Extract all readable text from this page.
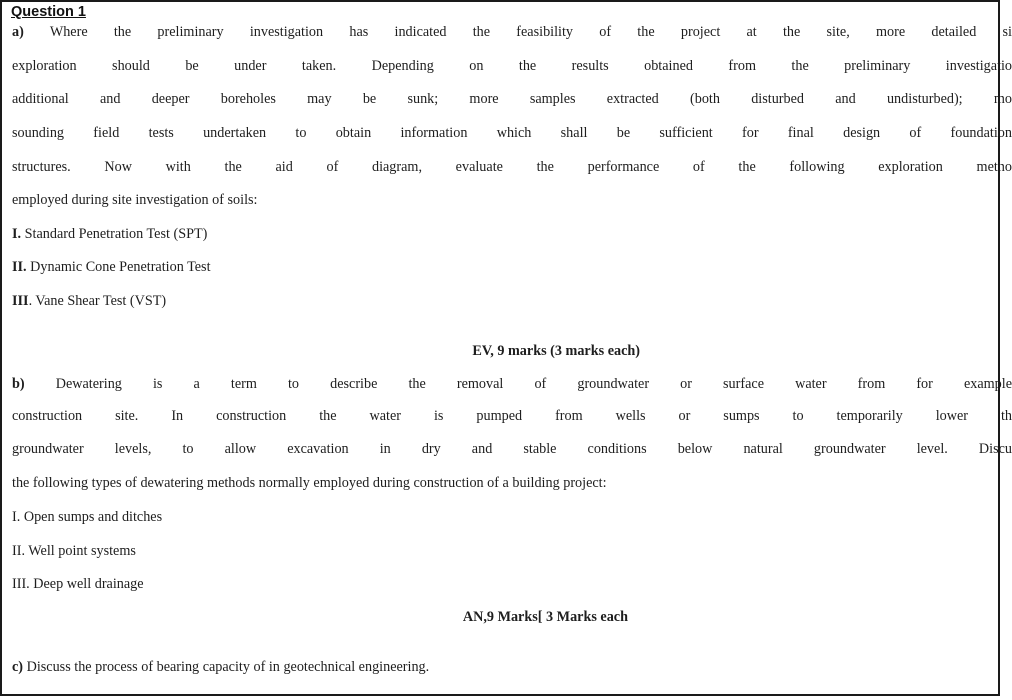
Question 1
a) Where the preliminary investigation has indicated the feasibility of the project at the site, more detailed si
exploration should be under taken. Depending on the results obtained from the preliminary investigatio
additional and deeper boreholes may be sunk; more samples extracted (both disturbed and undisturbed); mo
sounding field tests undertaken to obtain information which shall be sufficient for final design of foundation
structures. Now with the aid of diagram, evaluate the performance of the following exploration metho
employed during site investigation of soils:
I. Standard Penetration Test (SPT)
II. Dynamic Cone Penetration Test
III. Vane Shear Test (VST)
EV, 9 marks (3 marks each)
b) Dewatering is a term to describe the removal of groundwater or surface water from for example
construction site. In construction the water is pumped from wells or sumps to temporarily lower th
groundwater levels, to allow excavation in dry and stable conditions below natural groundwater level. Discu
the following types of dewatering methods normally employed during construction of a building project:
I. Open sumps and ditches
II. Well point systems
III. Deep well drainage
AN,9 Marks[ 3 Marks each
c) Discuss the process of bearing capacity of in geotechnical engineering.
